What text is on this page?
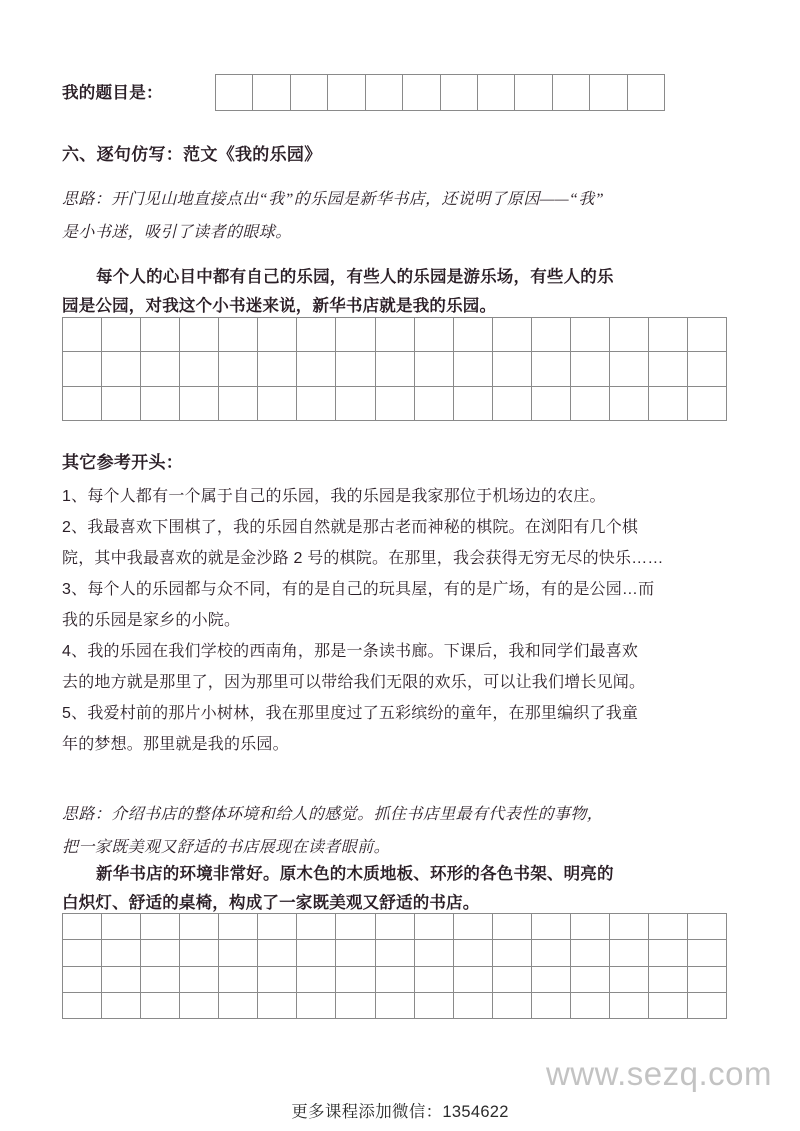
我的题目是：
六、逐句仿写：范文《我的乐园》
思路：开门见山地直接点出“我”的乐园是新华书店，还说明了原因——“我”
是小书迷，吸引了读者的眼球。
每个人的心目中都有自己的乐园，有些人的乐园是游乐场，有些人的乐
园是公园，对我这个小书迷来说，新华书店就是我的乐园。
其它参考开头：
1、每个人都有一个属于自己的乐园，我的乐园是我家那位于机场边的农庄。
2、我最喜欢下围棋了，我的乐园自然就是那古老而神秘的棋院。在浏阳有几个棋
院，其中我最喜欢的就是金沙路 2 号的棋院。在那里，我会获得无穷无尽的快乐……
3、每个人的乐园都与众不同，有的是自己的玩具屋，有的是广场，有的是公园…而
我的乐园是家乡的小院。
4、我的乐园在我们学校的西南角，那是一条读书廊。下课后，我和同学们最喜欢
去的地方就是那里了，因为那里可以带给我们无限的欢乐，可以让我们增长见闻。
5、我爱村前的那片小树林，我在那里度过了五彩缤纷的童年，在那里编织了我童
年的梦想。那里就是我的乐园。
思路：介绍书店的整体环境和给人的感觉。抓住书店里最有代表性的事物，
把一家既美观又舒适的书店展现在读者眼前。
新华书店的环境非常好。原木色的木质地板、环形的各色书架、明亮的
白炽灯、舒适的桌椅，构成了一家既美观又舒适的书店。
www.sezq.com
更多课程添加微信：1354622
